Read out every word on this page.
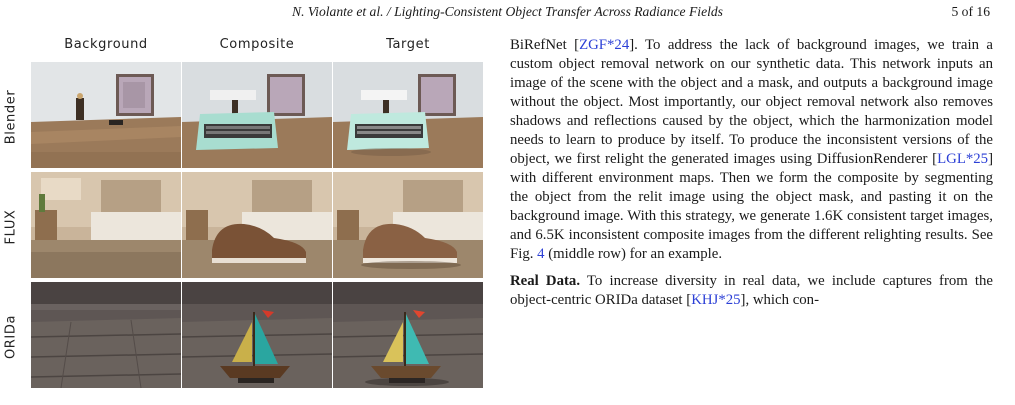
N. Violante et al. / Lighting-Consistent Object Transfer Across Radiance Fields	5 of 16
Background	Composite	Target
Blender
FLUX
ORIDa

BiRefNet [ZGF*24]. To address the lack of background images, we train a custom object removal network on our synthetic data. This network inputs an image of the scene with the object and a mask, and outputs a background image without the object. Most importantly, our object removal network also removes shadows and reflections caused by the object, which the harmonization model needs to learn to produce by itself. To produce the inconsistent versions of the object, we first relight the generated images using DiffusionRenderer [LGL*25] with different environment maps. Then we form the composite by segmenting the object from the relit image using the object mask, and pasting it on the background image. With this strategy, we generate 1.6K consistent target images, and 6.5K inconsistent composite images from the different relighting results. See Fig. 4 (middle row) for an example.

Real Data. To increase diversity in real data, we include captures from the object-centric ORIDa dataset [KHJ*25], which con-
